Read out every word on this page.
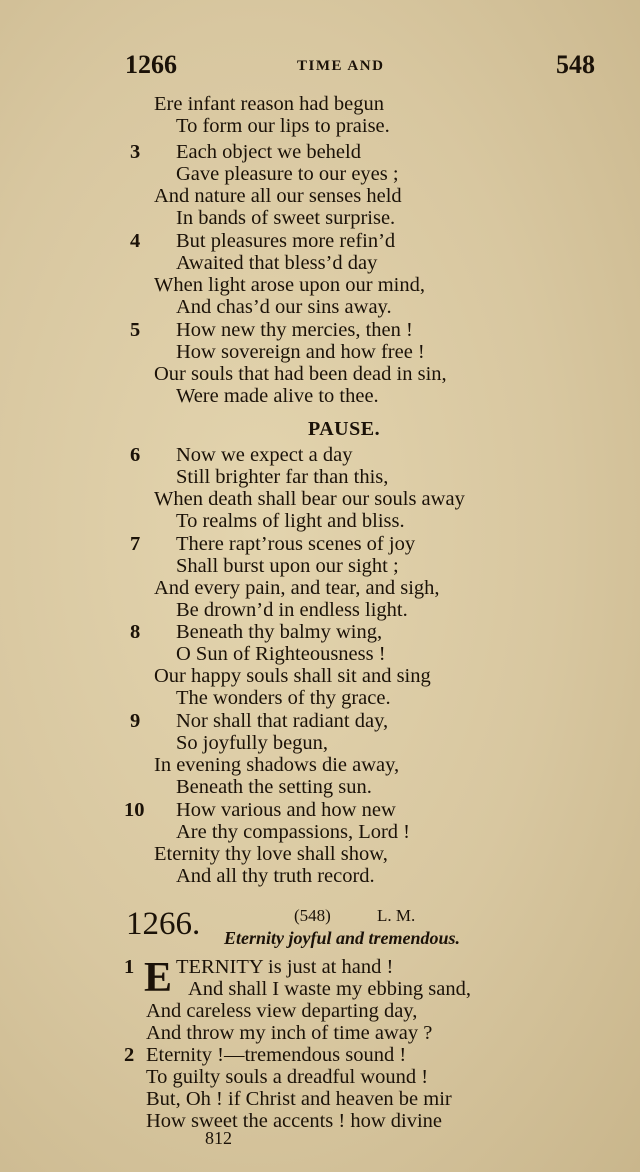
1266	TIME AND	548
Ere infant reason had begun
To form our lips to praise.
3 Each object we beheld
Gave pleasure to our eyes ;
And nature all our senses held
In bands of sweet surprise.
4 But pleasures more refin’d
Awaited that bless’d day
When light arose upon our mind,
And chas’d our sins away.
5 How new thy mercies, then !
How sovereign and how free !
Our souls that had been dead in sin,
Were made alive to thee.
PAUSE.
6 Now we expect a day
Still brighter far than this,
When death shall bear our souls away
To realms of light and bliss.
7 There rapt’rous scenes of joy
Shall burst upon our sight ;
And every pain, and tear, and sigh,
Be drown’d in endless light.
8 Beneath thy balmy wing,
O Sun of Righteousness !
Our happy souls shall sit and sing
The wonders of thy grace.
9 Nor shall that radiant day,
So joyfully begun,
In evening shadows die away,
Beneath the setting sun.
10 How various and how new
Are thy compassions, Lord !
Eternity thy love shall show,
And all thy truth record.
1266.	(548)	L. M.
Eternity joyful and tremendous.
E
1 TERNITY is just at hand !
And shall I waste my ebbing sand,
And careless view departing day,
And throw my inch of time away ?
2 Eternity !—tremendous sound !
To guilty souls a dreadful wound !
But, Oh ! if Christ and heaven be mir
How sweet the accents ! how divine
812
